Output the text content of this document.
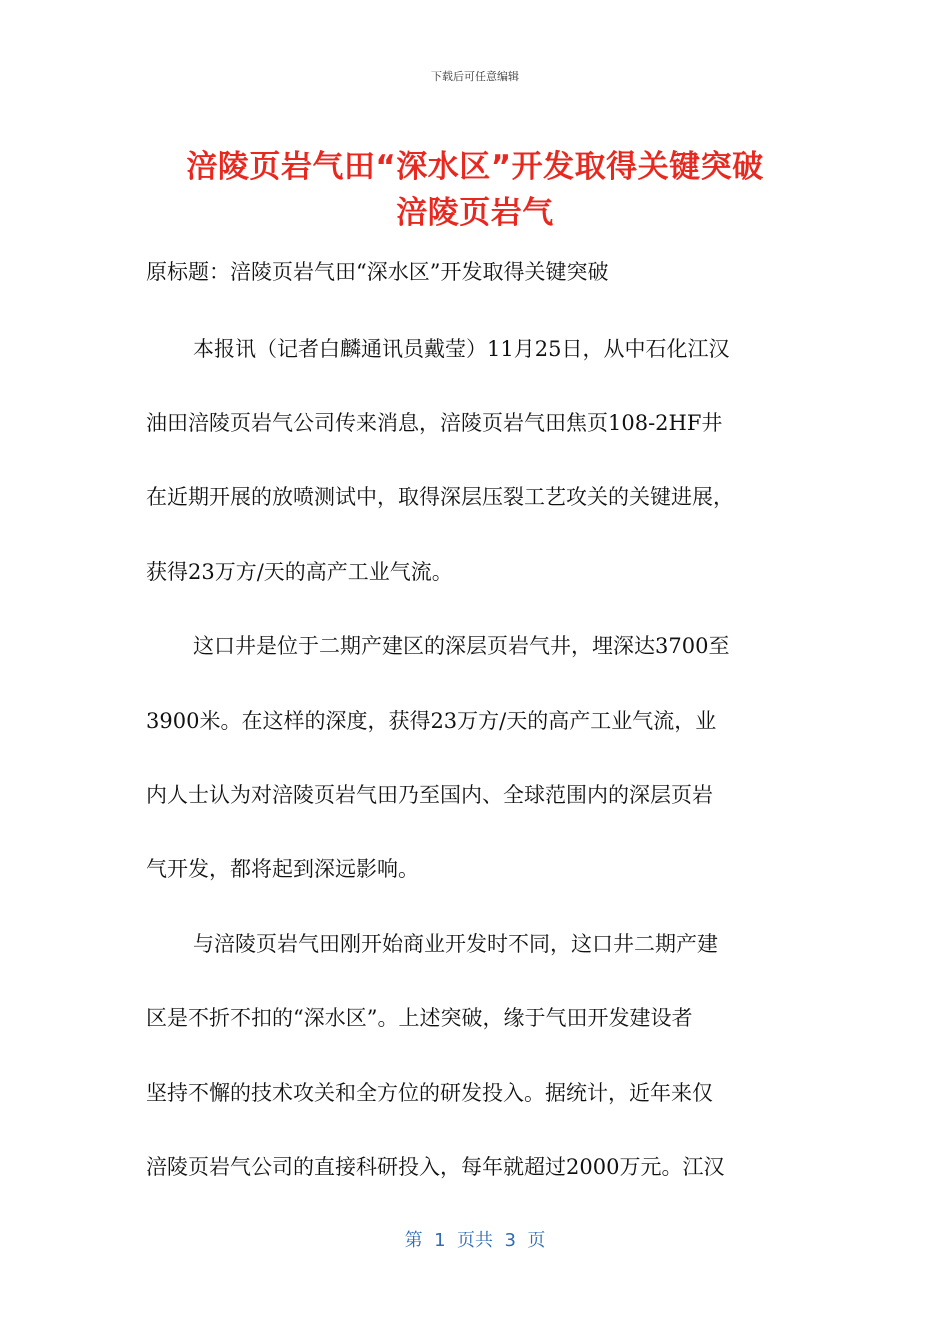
下载后可任意编辑
涪陵页岩气田“深水区”开发取得关键突破
涪陵页岩气
原标题：涪陵页岩气田“深水区”开发取得关键突破
本报讯（记者白麟通讯员戴莹）11月25日，从中石化江汉
油田涪陵页岩气公司传来消息，涪陵页岩气田焦页108-2HF井
在近期开展的放喷测试中，取得深层压裂工艺攻关的关键进展，
获得23万方/天的高产工业气流。
这口井是位于二期产建区的深层页岩气井，埋深达3700至
3900米。在这样的深度，获得23万方/天的高产工业气流，业
内人士认为对涪陵页岩气田乃至国内、全球范围内的深层页岩
气开发，都将起到深远影响。
与涪陵页岩气田刚开始商业开发时不同，这口井二期产建
区是不折不扣的“深水区”。上述突破，缘于气田开发建设者
坚持不懈的技术攻关和全方位的研发投入。据统计，近年来仅
涪陵页岩气公司的直接科研投入，每年就超过2000万元。江汉
第  1  页共  3  页
